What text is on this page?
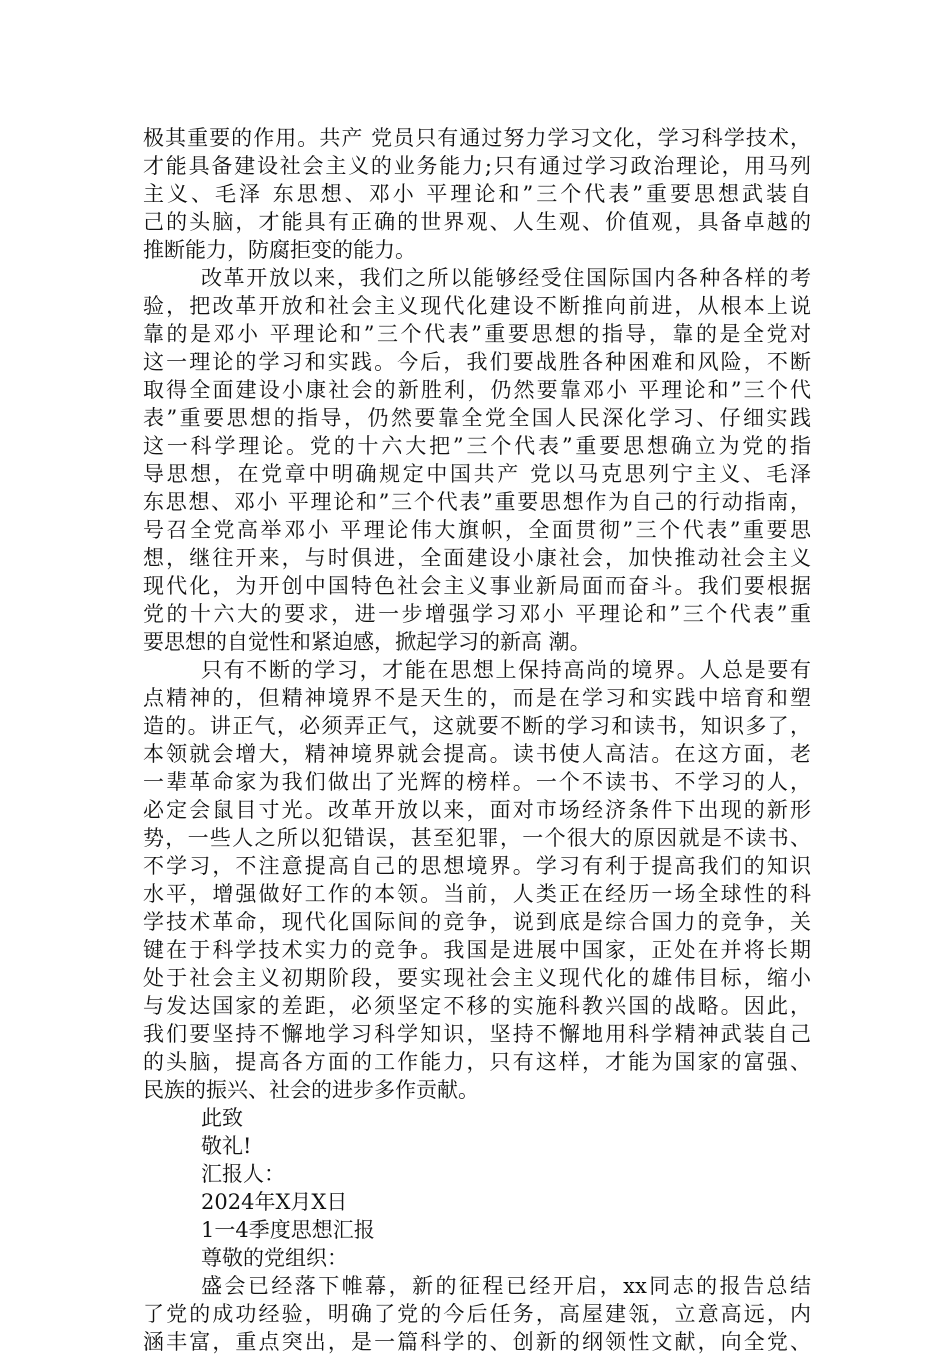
极其重要的作用。共产 党员只有通过努力学习文化，学习科学技术，
才能具备建设社会主义的业务能力;只有通过学习政治理论，用马列
主义、毛泽 东思想、邓小 平理论和”三个代表”重要思想武装自
己的头脑，才能具有正确的世界观、人生观、价值观，具备卓越的
推断能力，防腐拒变的能力。
改革开放以来，我们之所以能够经受住国际国内各种各样的考
验，把改革开放和社会主义现代化建设不断推向前进，从根本上说
靠的是邓小 平理论和”三个代表”重要思想的指导，靠的是全党对
这一理论的学习和实践。今后，我们要战胜各种困难和风险，不断
取得全面建设小康社会的新胜利，仍然要靠邓小 平理论和”三个代
表”重要思想的指导，仍然要靠全党全国人民深化学习、仔细实践
这一科学理论。党的十六大把”三个代表”重要思想确立为党的指
导思想，在党章中明确规定中国共产 党以马克思列宁主义、毛泽
东思想、邓小 平理论和”三个代表”重要思想作为自己的行动指南，
号召全党高举邓小 平理论伟大旗帜，全面贯彻”三个代表”重要思
想，继往开来，与时俱进，全面建设小康社会，加快推动社会主义
现代化，为开创中国特色社会主义事业新局面而奋斗。我们要根据
党的十六大的要求，进一步增强学习邓小 平理论和”三个代表”重
要思想的自觉性和紧迫感，掀起学习的新高 潮。
只有不断的学习，才能在思想上保持高尚的境界。人总是要有
点精神的，但精神境界不是天生的，而是在学习和实践中培育和塑
造的。讲正气，必须弄正气，这就要不断的学习和读书，知识多了，
本领就会增大，精神境界就会提高。读书使人高洁。在这方面，老
一辈革命家为我们做出了光辉的榜样。一个不读书、不学习的人，
必定会鼠目寸光。改革开放以来，面对市场经济条件下出现的新形
势，一些人之所以犯错误，甚至犯罪，一个很大的原因就是不读书、
不学习，不注意提高自己的思想境界。学习有利于提高我们的知识
水平，增强做好工作的本领。当前，人类正在经历一场全球性的科
学技术革命，现代化国际间的竞争，说到底是综合国力的竞争，关
键在于科学技术实力的竞争。我国是进展中国家，正处在并将长期
处于社会主义初期阶段，要实现社会主义现代化的雄伟目标，缩小
与发达国家的差距，必须坚定不移的实施科教兴国的战略。因此，
我们要坚持不懈地学习科学知识，坚持不懈地用科学精神武装自己
的头脑，提高各方面的工作能力，只有这样，才能为国家的富强、
民族的振兴、社会的进步多作贡献。
此致
敬礼!
汇报人：
2024年X月X日
1一4季度思想汇报
尊敬的党组织：
盛会已经落下帷幕，新的征程已经开启，xx同志的报告总结
了党的成功经验，明确了党的今后任务，高屋建瓴，立意高远，内
涵丰富，重点突出，是一篇科学的、创新的纲领性文献，向全党、
